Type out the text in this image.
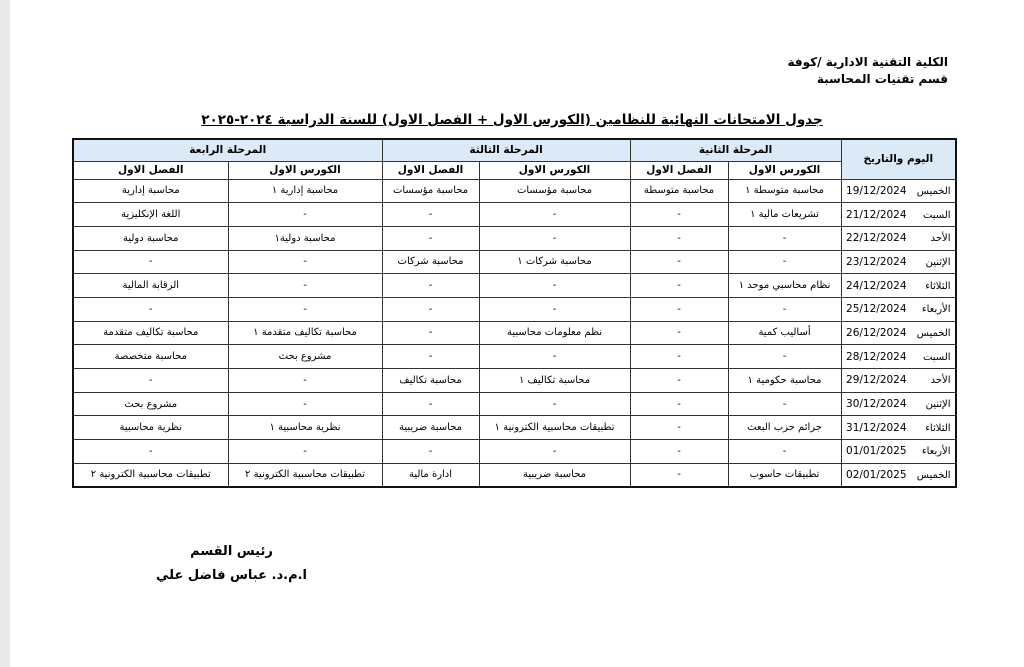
الكلية التقنية الادارية /كوفة
قسم تقنيات المحاسبة
جدول الامتحانات النهائية للنظامين (الكورس الاول + الفصل الاول) للسنة الدراسية ٢٠٢٤-٢٠٢٥
اليوم والتاريخ	المرحلة الثانية		المرحلة الثالثة		المرحلة الرابعة	
	الكورس الاول	الفصل الاول	الكورس الاول	الفصل الاول	الكورس الاول	الفصل الاول
الخميس19/12/2024	محاسبة متوسطة ١	محاسبة متوسطة	محاسبة مؤسسات	محاسبة مؤسسات	محاسبة إدارية ١	محاسبة إدارية
السبت21/12/2024	تشريعات مالية ١	-	-	-	-	اللغة الإنكليزية
الأحد22/12/2024	-	-	-	-	محاسبة دولية١	محاسبة دولية
الإثنين23/12/2024	-	-	محاسبة شركات ١	محاسبة شركات	-	-
الثلاثاء24/12/2024	نظام محاسبي موحد ١	-	-	-	-	الرقابة المالية
الأربعاء25/12/2024	-	-	-	-	-	-
الخميس26/12/2024	أساليب كمية	-	نظم معلومات محاسبية	-	محاسبة تكاليف متقدمة ١	محاسبة تكاليف متقدمة
السبت28/12/2024	-	-	-	-	مشروع بحث	محاسبة متخصصة
الأحد29/12/2024	محاسبة حكومية ١	-	محاسبة تكاليف ١	محاسبة تكاليف	-	-
الإثنين30/12/2024	-	-	-	-	-	مشروع بحث
الثلاثاء31/12/2024	جرائم حزب البعث	-	تطبيقات محاسبية الكترونية ١	محاسبة ضريبية	نظرية محاسبية ١	نظرية محاسبية
الأربعاء01/01/2025	-	-	-	-	-	-
الخميس02/01/2025	تطبيقات حاسوب	-	محاسبة ضريبية	ادارة مالية	تطبيقات محاسبية الكترونية ٢	تطبيقات محاسبية الكترونية ٢
رئيس القسم
ا.م.د. عباس فاضل علي
